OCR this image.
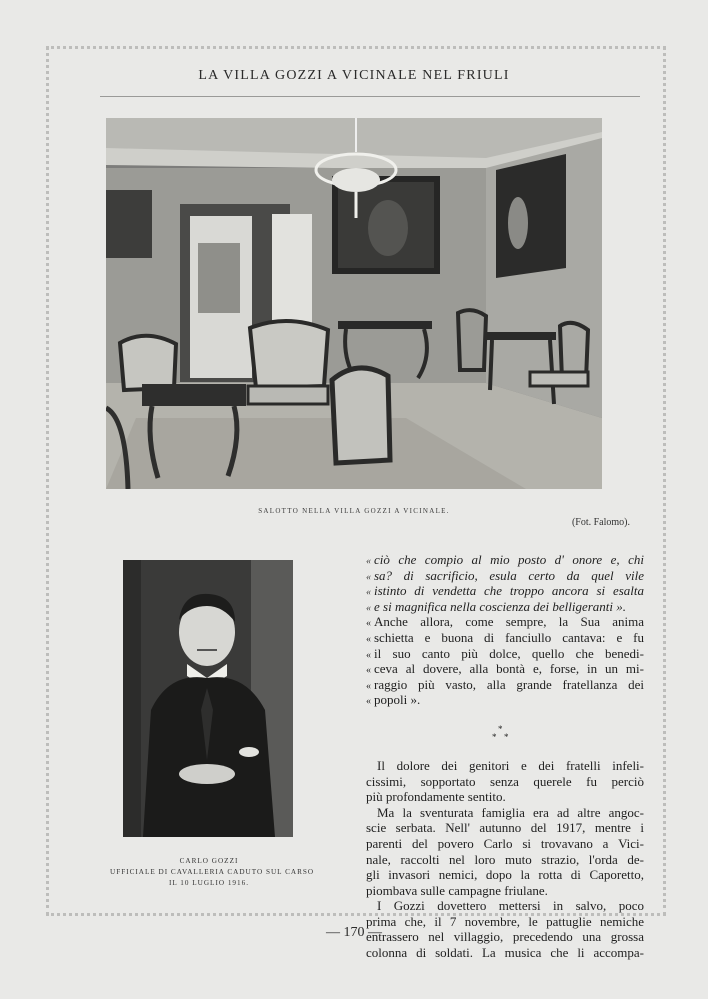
LA VILLA GOZZI A VICINALE NEL FRIULI
SALOTTO NELLA VILLA GOZZI A VICINALE.
(Fot. Falomo).
CARLO GOZZI
UFFICIALE DI CAVALLERIA CADUTO SUL CARSO
IL 10 LUGLIO 1916.
« ciò che compio al mio posto d' onore e, chi
« sa? di sacrificio, esula certo da quel vile
« istinto di vendetta che troppo ancora si esalta
« e si magnifica nella coscienza dei belligeranti ».
« Anche allora, come sempre, la Sua anima
« schietta e buona di fanciullo cantava: e fu
« il suo canto più dolce, quello che benedi-
« ceva al dovere, alla bontà e, forse, in un mi-
« raggio più vasto, alla grande fratellanza dei
« popoli ».
*
* *
Il dolore dei genitori e dei fratelli infeli-
cissimi, sopportato senza querele fu perciò
più profondamente sentito.
Ma la sventurata famiglia era ad altre angoc-
scie serbata. Nell' autunno del 1917, mentre i
parenti del povero Carlo si trovavano a Vici-
nale, raccolti nel loro muto strazio, l'orda de-
gli invasori nemici, dopo la rotta di Caporetto,
piombava sulle campagne friulane.
I Gozzi dovettero mettersi in salvo, poco
prima che, il 7 novembre, le pattuglie nemiche
entrassero nel villaggio, precedendo una grossa
colonna di soldati. La musica che li accompa-
— 170 —
